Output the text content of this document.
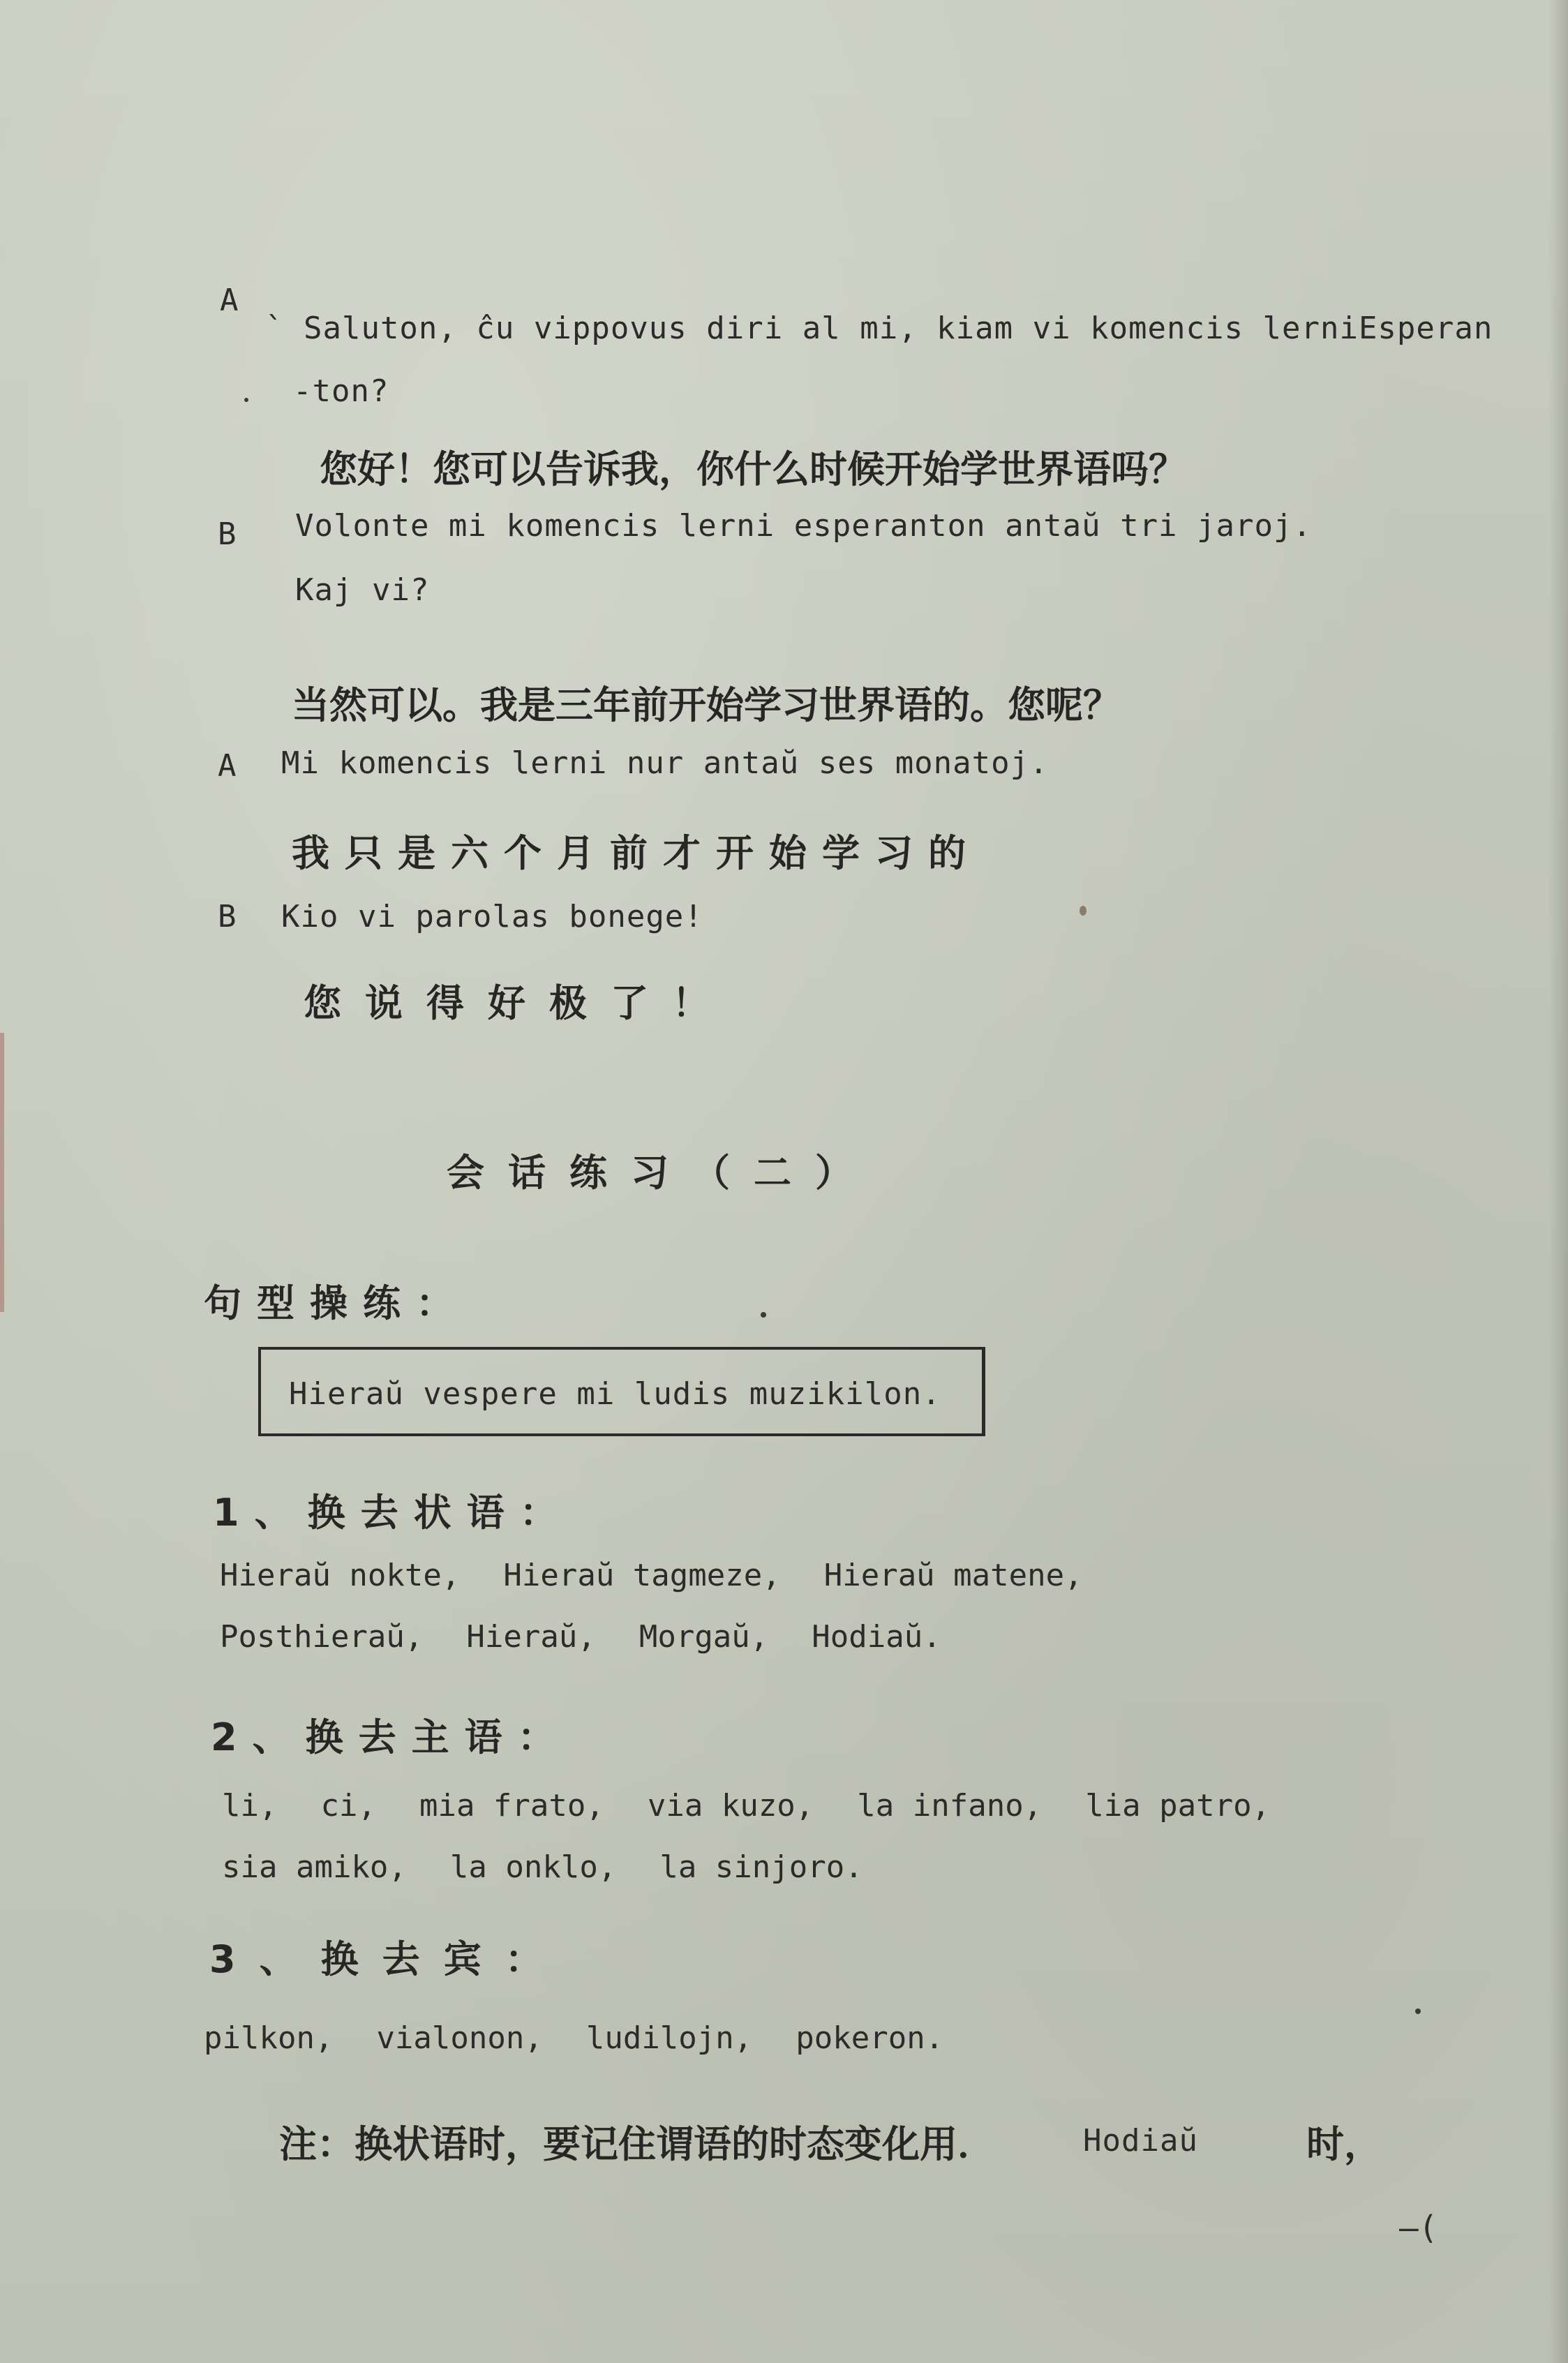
A
` Saluton, ĉu vippovus diri al mi, kiam vi komencis lerniEsperan
-ton?
您好！您可以告诉我，你什么时候开始学世界语吗？
B Volonte mi komencis lerni esperanton antaŭ tri jaroj.
Kaj vi?
当然可以。我是三年前开始学习世界语的。您呢？
A Mi komencis lerni nur antaŭ ses monatoj.
我只是六个月前才开始学习的
B Kio vi parolas bonege!
您说得好极了！
会话练习（二）
句型操练：
Hieraŭ vespere mi ludis muzikilon.
1、换去状语：
Hieraŭ nokte, Hieraŭ tagmeze, Hieraŭ matene,
Posthieraŭ, Hieraŭ, Morgaŭ, Hodiaŭ.
2、换去主语：
li, ci, mia frato, via kuzo, la infano, lia patro,
sia amiko, la onklo, la sinjoro.
3、换去宾：
pilkon, vialonon, ludilojn, pokeron.
注：换状语时，要记住谓语的时态变化用．	Hodiaŭ	时，
—(
